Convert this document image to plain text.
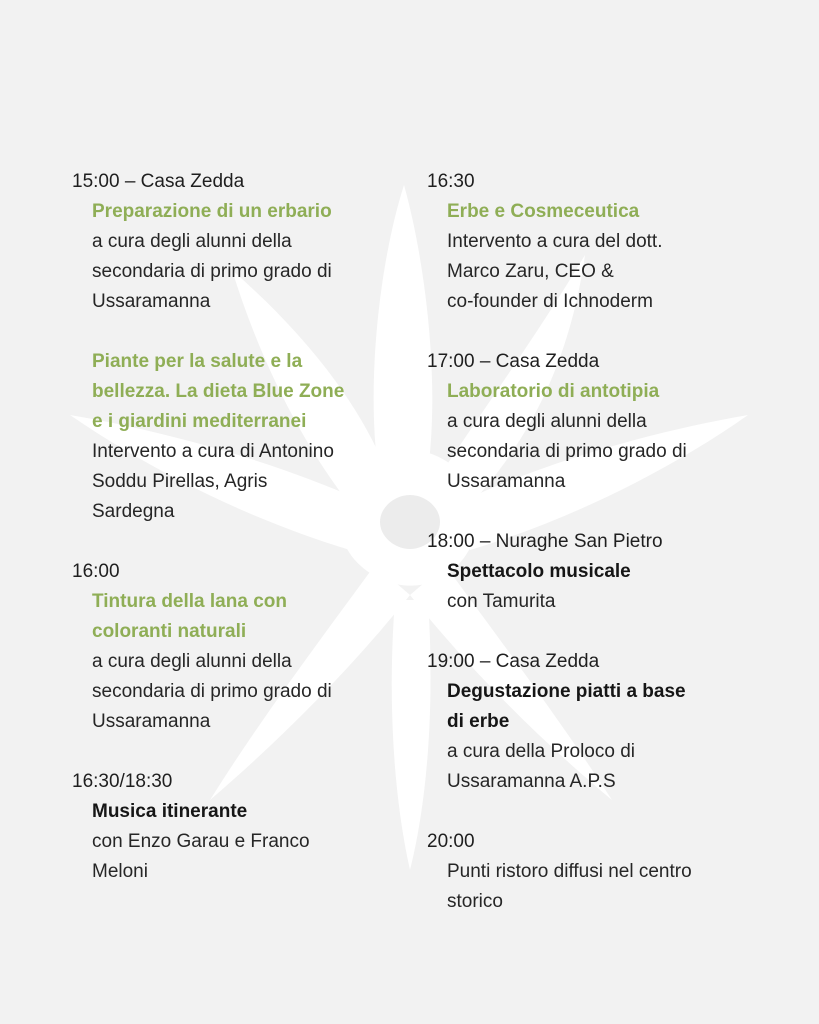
15:00 – Casa Zedda
Preparazione di un erbario
a cura degli alunni della
secondaria di primo grado di
Ussaramanna
Piante per la salute e la
bellezza. La dieta Blue Zone
e i giardini mediterranei
Intervento a cura di Antonino
Soddu Pirellas, Agris
Sardegna
16:00
Tintura della lana con
coloranti naturali
a cura degli alunni della
secondaria di primo grado di
Ussaramanna
16:30/18:30
Musica itinerante
con Enzo Garau e Franco
Meloni
16:30
Erbe e Cosmeceutica
Intervento a cura del dott.
Marco Zaru, CEO &
co-founder di Ichnoderm
17:00 – Casa Zedda
Laboratorio di antotipia
a cura degli alunni della
secondaria di primo grado di
Ussaramanna
18:00 – Nuraghe San Pietro
Spettacolo musicale
con Tamurita
19:00 – Casa Zedda
Degustazione piatti a base
di erbe
a cura della Proloco di
Ussaramanna A.P.S
20:00
Punti ristoro diffusi nel centro
storico
